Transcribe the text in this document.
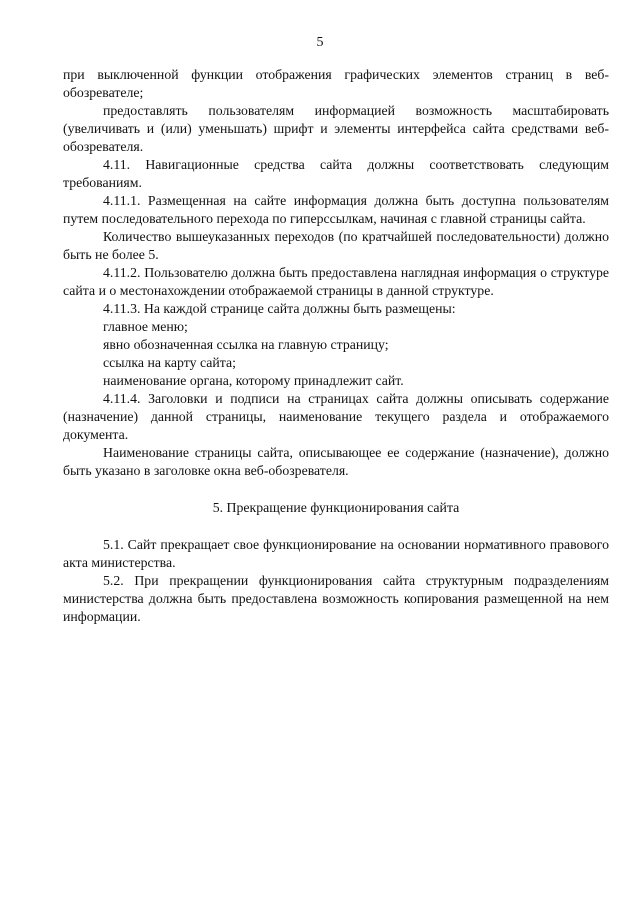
5

при выключенной функции отображения графических элементов страниц в веб-обозревателе;

предоставлять пользователям информацией возможность масштабировать (увеличивать и (или) уменьшать) шрифт и элементы интерфейса сайта средствами веб-обозревателя.

4.11. Навигационные средства сайта должны соответствовать следующим требованиям.

4.11.1. Размещенная на сайте информация должна быть доступна пользователям путем последовательного перехода по гиперссылкам, начиная с главной страницы сайта.

Количество вышеуказанных переходов (по кратчайшей последовательности) должно быть не более 5.

4.11.2. Пользователю должна быть предоставлена наглядная информация о структуре сайта и о местонахождении отображаемой страницы в данной структуре.

4.11.3. На каждой странице сайта должны быть размещены:

главное меню;

явно обозначенная ссылка на главную страницу;

ссылка на карту сайта;

наименование органа, которому принадлежит сайт.

4.11.4. Заголовки и подписи на страницах сайта должны описывать содержание (назначение) данной страницы, наименование текущего раздела и отображаемого документа.

Наименование страницы сайта, описывающее ее содержание (назначение), должно быть указано в заголовке окна веб-обозревателя.

5. Прекращение функционирования сайта

5.1. Сайт прекращает свое функционирование на основании нормативного правового акта министерства.

5.2. При прекращении функционирования сайта структурным подразделениям министерства должна быть предоставлена возможность копирования размещенной на нем информации.
